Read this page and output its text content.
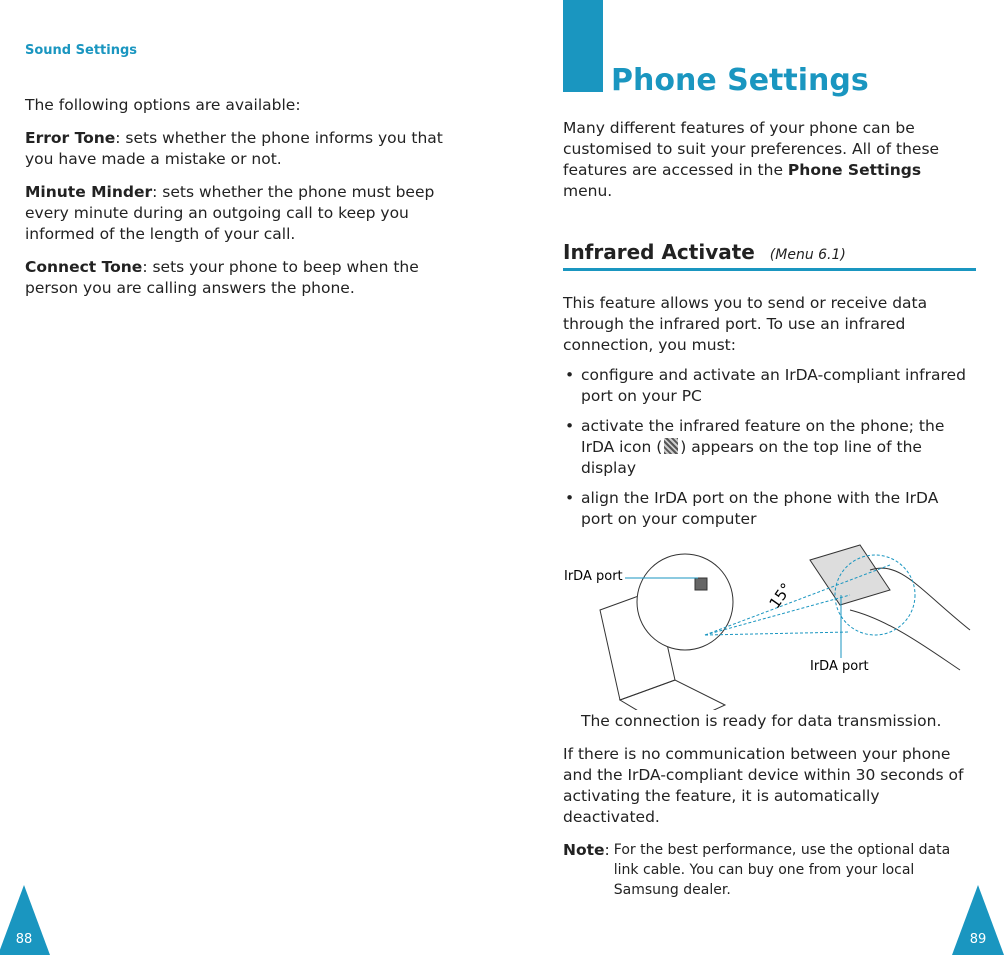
Sound Settings

The following options are available:

Error Tone: sets whether the phone informs you that you have made a mistake or not.

Minute Minder: sets whether the phone must beep every minute during an outgoing call to keep you informed of the length of your call.

Connect Tone: sets your phone to beep when the person you are calling answers the phone.

88
Phone Settings

Many different features of your phone can be customised to suit your preferences. All of these features are accessed in the Phone Settings menu.

Infrared Activate (Menu 6.1)

This feature allows you to send or receive data through the infrared port. To use an infrared connection, you must:

• configure and activate an IrDA-compliant infrared port on your PC
• activate the infrared feature on the phone; the IrDA icon ( ) appears on the top line of the display
• align the IrDA port on the phone with the IrDA port on your computer
IrDA port
IrDA port
15°

The connection is ready for data transmission.

If there is no communication between your phone and the IrDA-compliant device within 30 seconds of activating the feature, it is automatically deactivated.

Note : For the best performance, use the optional data link cable. You can buy one from your local Samsung dealer.
89
